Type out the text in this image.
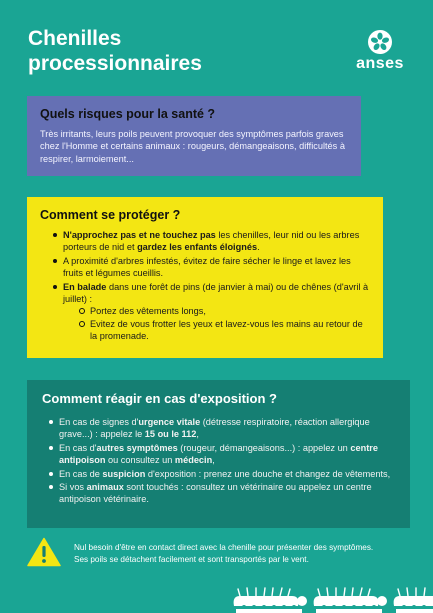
Chenilles
processionnaires	anses
Quels risques pour la santé ?

Très irritants, leurs poils peuvent provoquer des symptômes parfois graves chez l'Homme et certains animaux : rougeurs, démangeaisons, difficultés à respirer, larmoiement...

Comment se protéger ?
N'approchez pas et ne touchez pas les chenilles, leur nid ou les arbres porteurs de nid et gardez les enfants éloignés.
A proximité d'arbres infestés, évitez de faire sécher le linge et lavez les fruits et légumes cueillis.
En balade dans une forêt de pins (de janvier à mai) ou de chênes (d'avril à juillet) :
Portez des vêtements longs,
Evitez de vous frotter les yeux et lavez-vous les mains au retour de la promenade.
Comment réagir en cas d'exposition ?
En cas de signes d'urgence vitale (détresse respiratoire, réaction allergique grave...) : appelez le 15 ou le 112,
En cas d'autres symptômes (rougeur, démangeaisons...) : appelez un centre antipoison ou consultez un médecin,
En cas de suspicion d'exposition : prenez une douche et changez de vêtements,
Si vos animaux sont touchés : consultez un vétérinaire ou appelez un centre antipoison vétérinaire.
Nul besoin d'être en contact direct avec la chenille pour présenter des symptômes.
Ses poils se détachent facilement et sont transportés par le vent.
